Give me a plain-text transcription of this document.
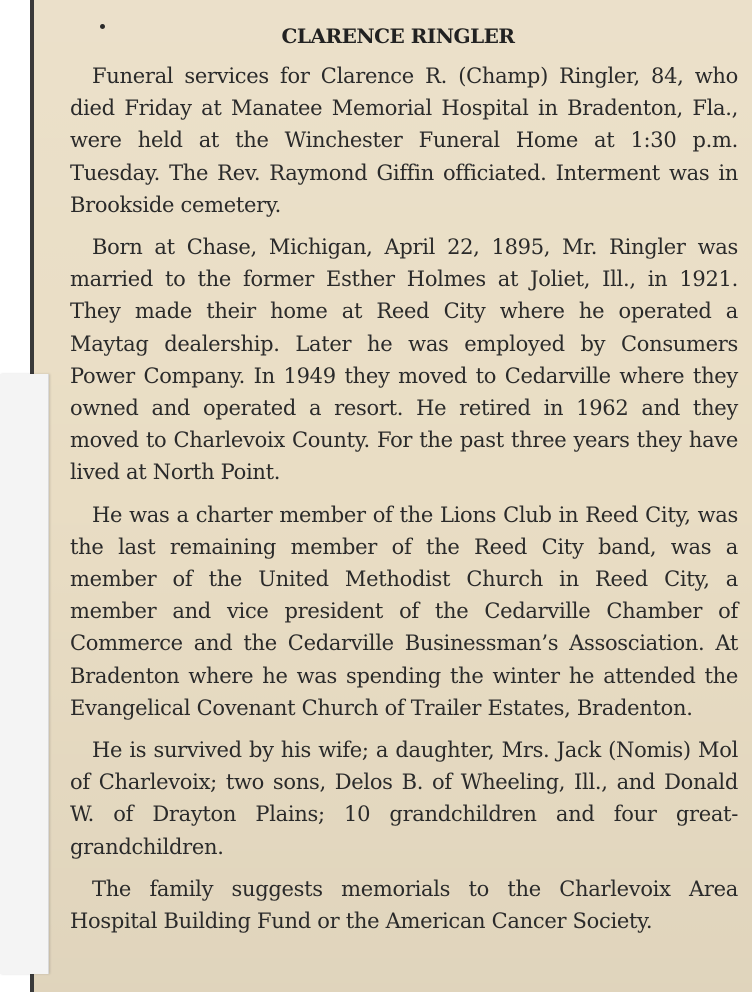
CLARENCE RINGLER

Funeral services for Clarence R. (Champ) Ringler, 84, who died Friday at Manatee Memorial Hospital in Bradenton, Fla., were held at the Winchester Funeral Home at 1:30 p.m. Tuesday. The Rev. Raymond Giffin officiated. Interment was in Brookside cemetery.

Born at Chase, Michigan, April 22, 1895, Mr. Ringler was married to the former Esther Holmes at Joliet, Ill., in 1921. They made their home at Reed City where he operated a Maytag dealership. Later he was employed by Consumers Power Company. In 1949 they moved to Cedarville where they owned and operated a resort. He retired in 1962 and they moved to Charlevoix County. For the past three years they have lived at North Point.

He was a charter member of the Lions Club in Reed City, was the last remaining member of the Reed City band, was a member of the United Methodist Church in Reed City, a member and vice president of the Cedarville Chamber of Commerce and the Cedarville Businessman’s Assosciation. At Bradenton where he was spending the winter he attended the Evangelical Covenant Church of Trailer Estates, Bradenton.

He is survived by his wife; a daughter, Mrs. Jack (Nomis) Mol of Charlevoix; two sons, Delos B. of Wheeling, Ill., and Donald W. of Drayton Plains; 10 grandchildren and four great-grandchildren.

The family suggests memorials to the Charlevoix Area Hospital Building Fund or the American Cancer Society.
